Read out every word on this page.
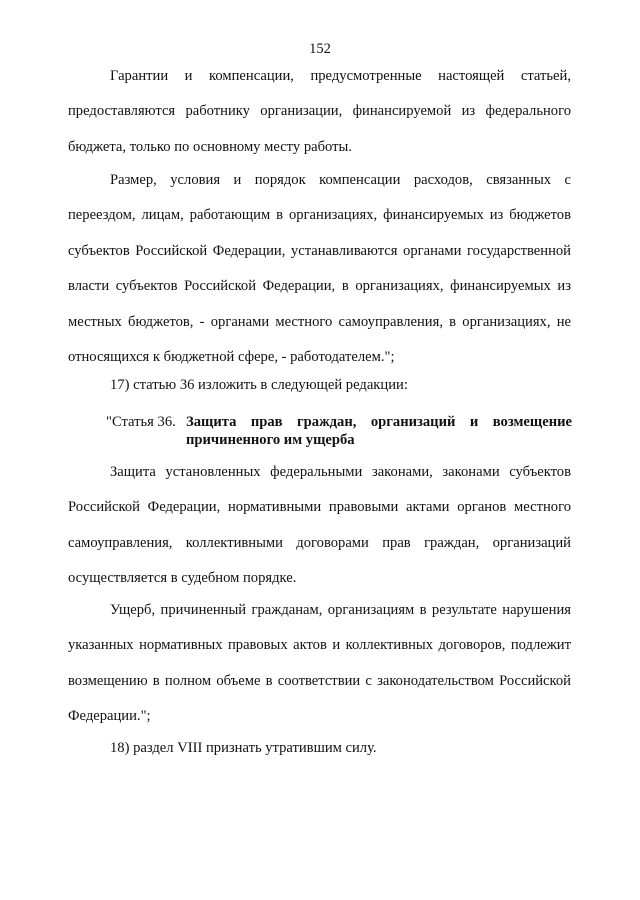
152

Гарантии и компенсации, предусмотренные настоящей статьей, предоставляются работнику организации, финансируемой из федерального бюджета, только по основному месту работы.

Размер, условия и порядок компенсации расходов, связанных с переездом, лицам, работающим в организациях, финансируемых из бюджетов субъектов Российской Федерации, устанавливаются органами государственной власти субъектов Российской Федерации, в организациях, финансируемых из местных бюджетов, - органами местного самоуправления, в организациях, не относящихся к бюджетной сфере, - работодателем.";

17) статью 36 изложить в следующей редакции:

"Статья 36. Защита прав граждан, организаций и возмещение причиненного им ущерба

Защита установленных федеральными законами, законами субъектов Российской Федерации, нормативными правовыми актами органов местного самоуправления, коллективными договорами прав граждан, организаций осуществляется в судебном порядке.

Ущерб, причиненный гражданам, организациям в результате нарушения указанных нормативных правовых актов и коллективных договоров, подлежит возмещению в полном объеме в соответствии с законодательством Российской Федерации.";

18) раздел VIII признать утратившим силу.
